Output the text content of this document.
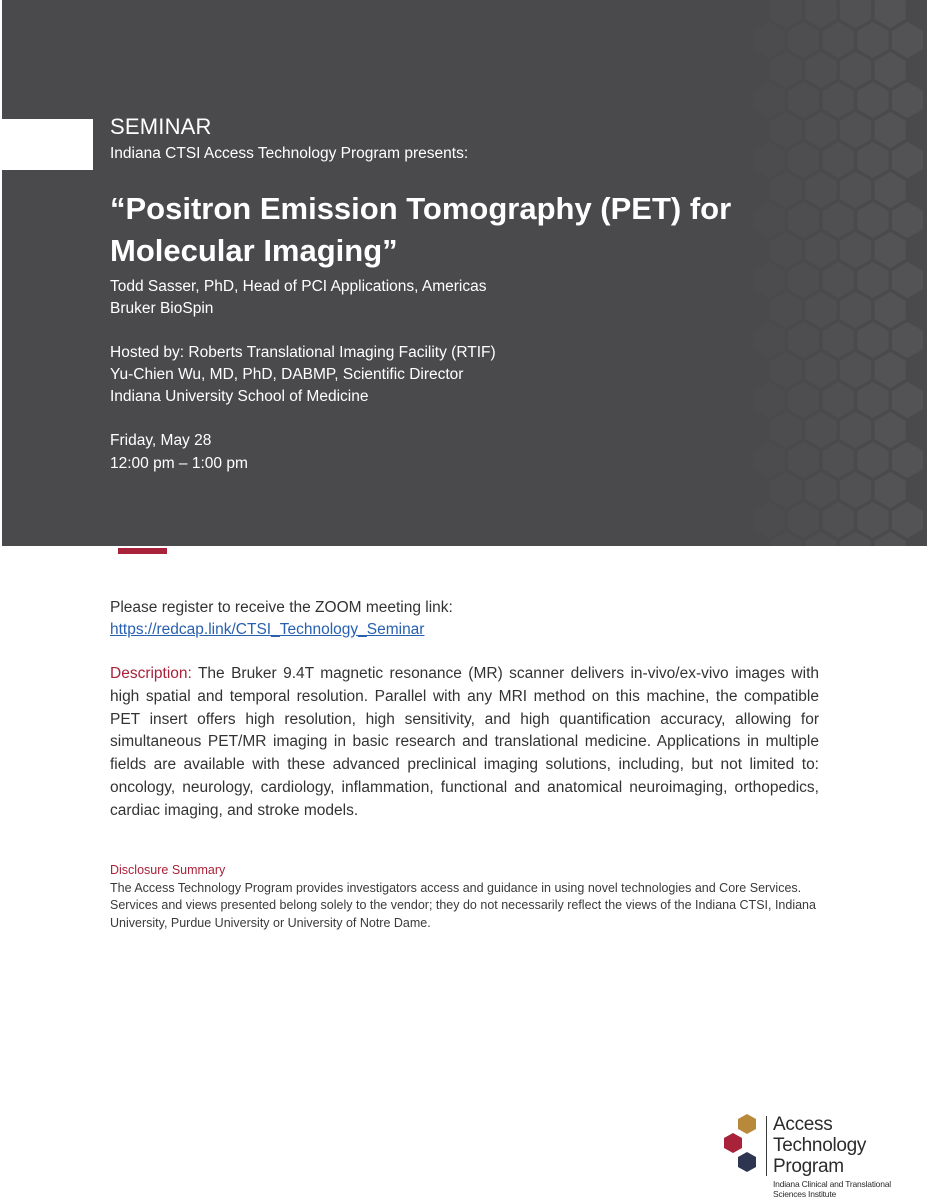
SEMINAR
Indiana CTSI Access Technology Program presents:
“Positron Emission Tomography (PET) for
Molecular Imaging”
Todd Sasser, PhD, Head of PCI Applications, Americas
Bruker BioSpin
Hosted by: Roberts Translational Imaging Facility (RTIF)
Yu-Chien Wu, MD, PhD, DABMP, Scientific Director
Indiana University School of Medicine
Friday, May 28
12:00 pm – 1:00 pm
Please register to receive the ZOOM meeting link:
https://redcap.link/CTSI_Technology_Seminar

Description: The Bruker 9.4T magnetic resonance (MR) scanner delivers in-vivo/ex-vivo images with high spatial and temporal resolution. Parallel with any MRI method on this machine, the compatible PET insert offers high resolution, high sensitivity, and high quantification accuracy, allowing for simultaneous PET/MR imaging in basic research and translational medicine. Applications in multiple fields are available with these advanced preclinical imaging solutions, including, but not limited to: oncology, neurology, cardiology, inflammation, functional and anatomical neuroimaging, orthopedics, cardiac imaging, and stroke models.

Disclosure Summary
The Access Technology Program provides investigators access and guidance in using novel technologies and Core Services. Services and views presented belong solely to the vendor; they do not necessarily reflect the views of the Indiana CTSI, Indiana University, Purdue University or University of Notre Dame.
Access Technology
Program
Indiana Clinical and Translational
Sciences Institute
